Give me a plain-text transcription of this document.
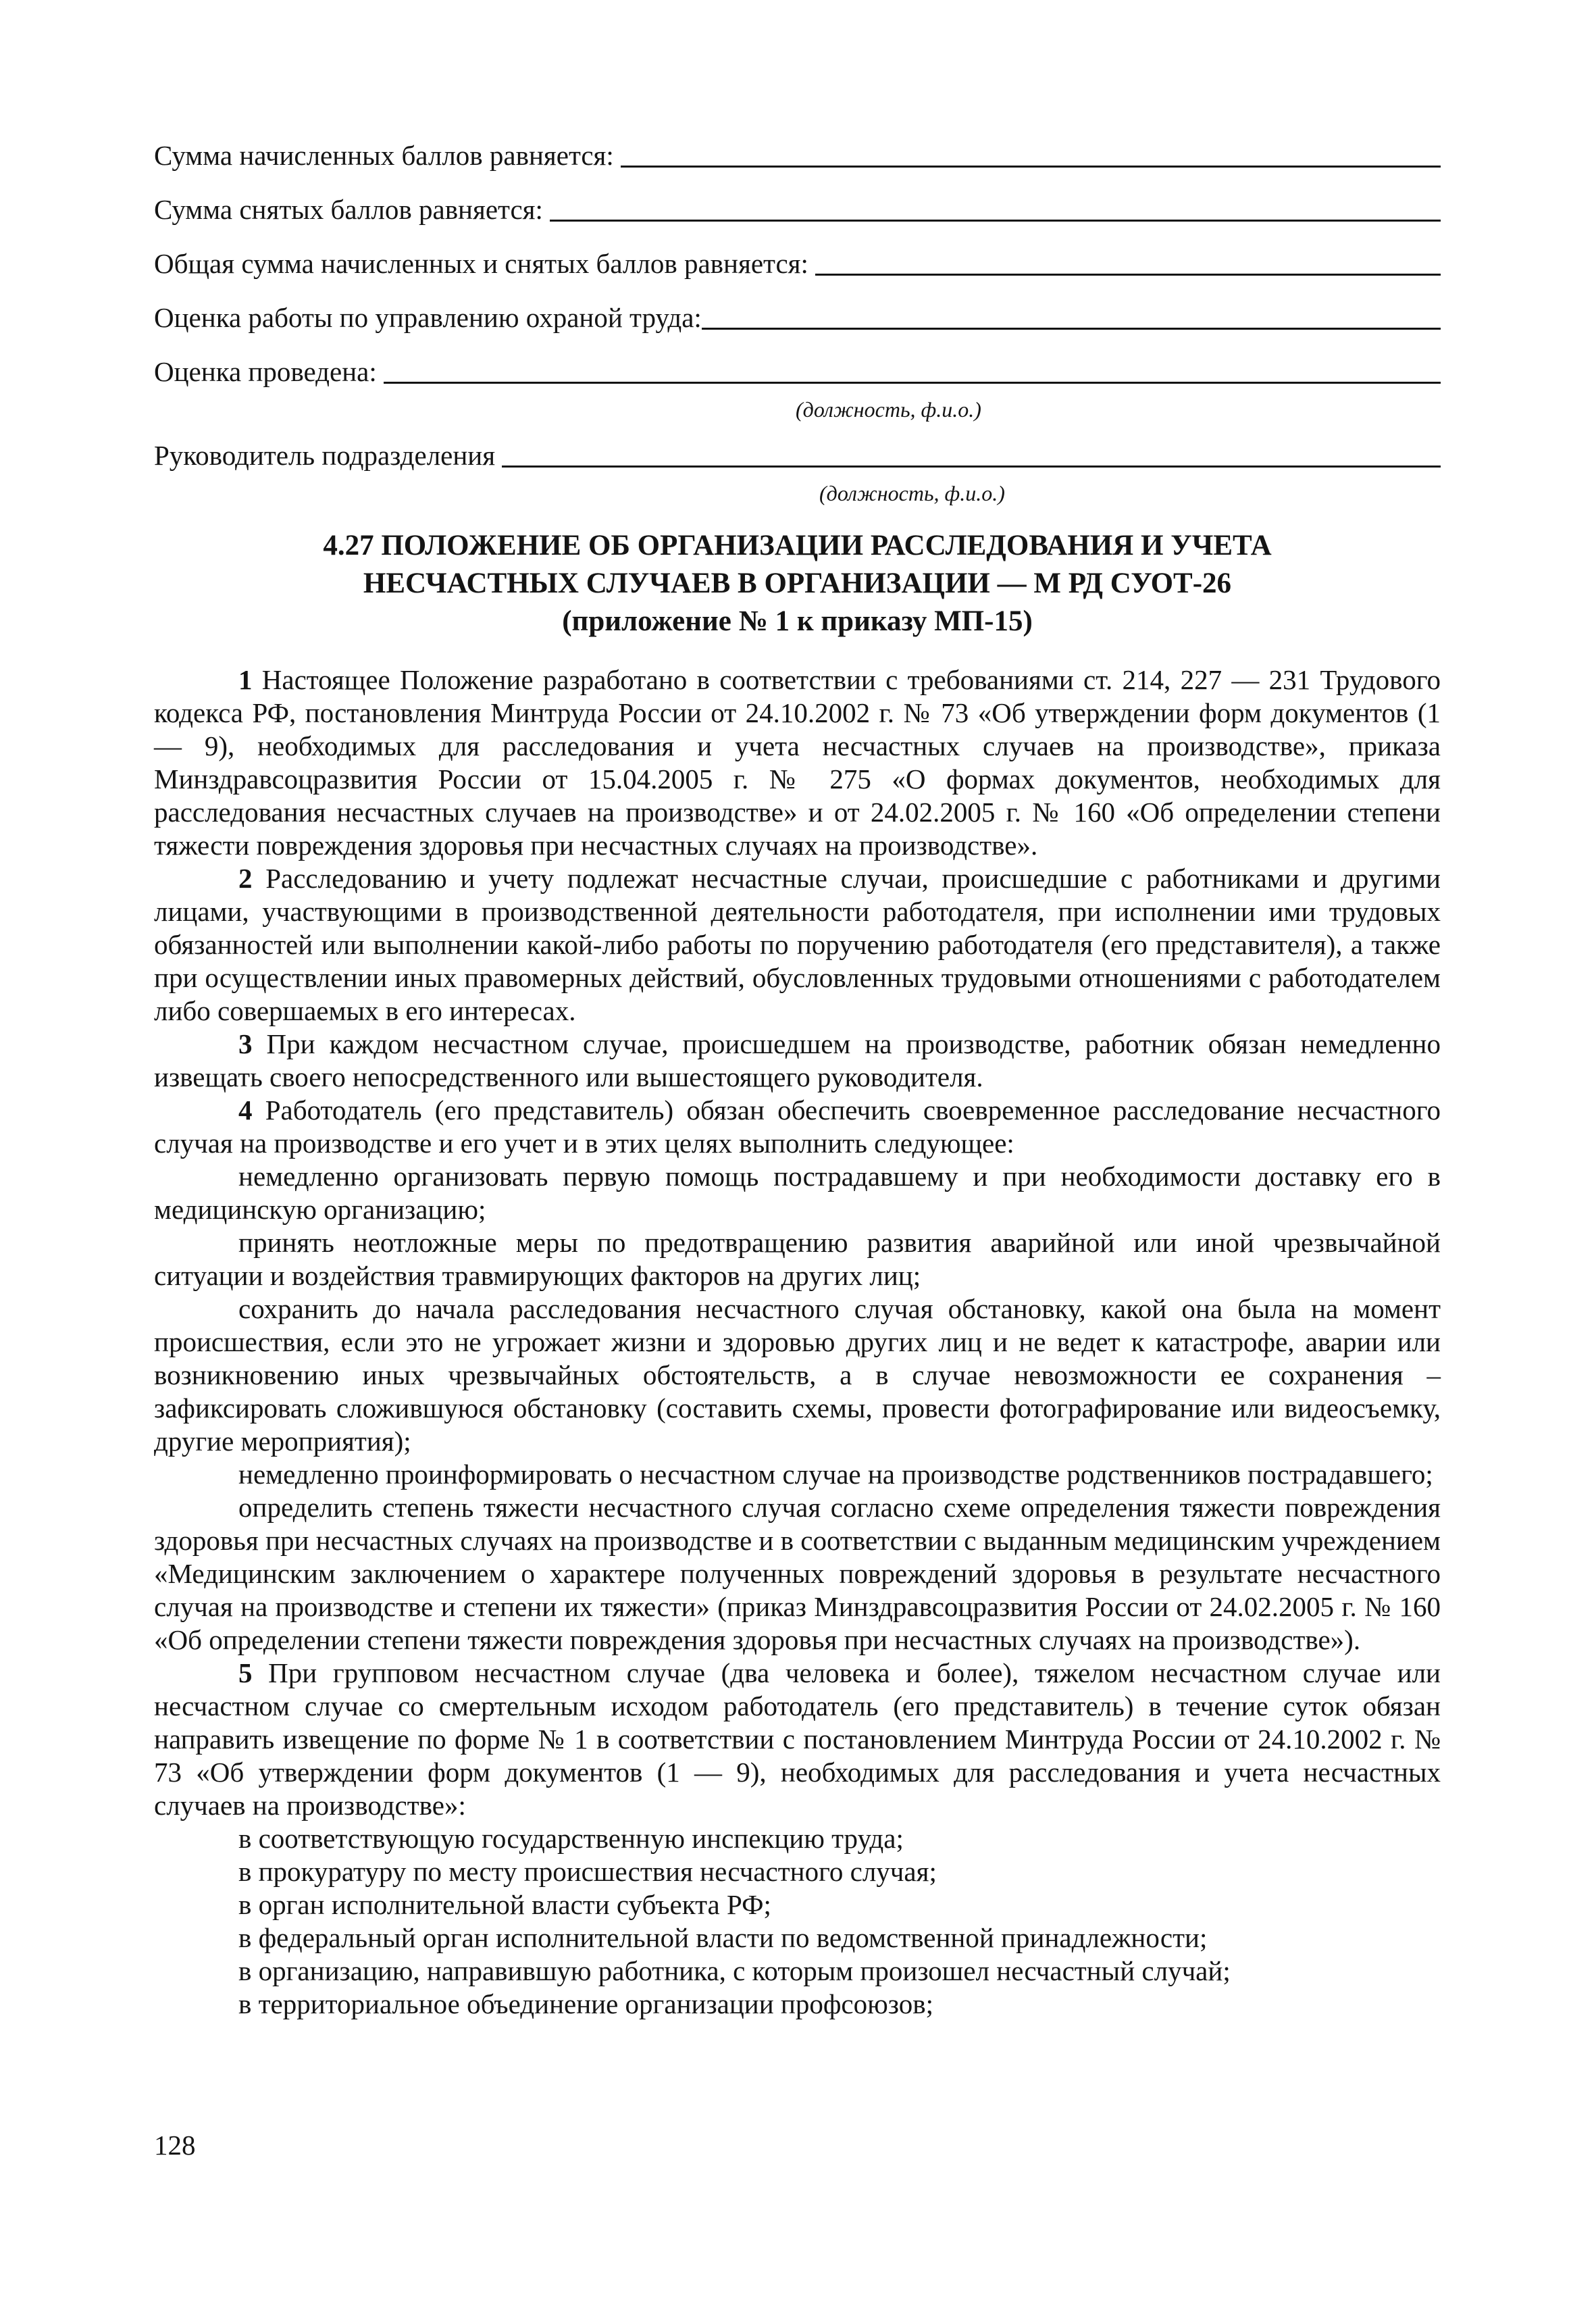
Сумма начисленных баллов равняется:
Сумма снятых баллов равняется:
Общая сумма начисленных и снятых баллов равняется:
Оценка работы по управлению охраной труда:
Оценка проведена:
(должность, ф.и.о.)
Руководитель подразделения
(должность, ф.и.о.)
4.27 ПОЛОЖЕНИЕ ОБ ОРГАНИЗАЦИИ РАССЛЕДОВАНИЯ И УЧЕТА
НЕСЧАСТНЫХ СЛУЧАЕВ В ОРГАНИЗАЦИИ — М РД СУОТ-26
(приложение № 1 к приказу МП-15)

1 Настоящее Положение разработано в соответствии с требованиями ст. 214, 227 — 231 Трудового кодекса РФ, постановления Минтруда России от 24.10.2002 г. № 73 «Об утверждении форм документов (1 — 9), необходимых для расследования и учета несчастных случаев на производстве», приказа Минздравсоцразвития России от 15.04.2005 г. № 275 «О формах документов, необходимых для расследования несчастных случаев на производстве» и от 24.02.2005 г. № 160 «Об определении степени тяжести повреждения здоровья при несчастных случаях на производстве».

2 Расследованию и учету подлежат несчастные случаи, происшедшие с работниками и другими лицами, участвующими в производственной деятельности работодателя, при исполнении ими трудовых обязанностей или выполнении какой-либо работы по поручению работодателя (его представителя), а также при осуществлении иных правомерных действий, обусловленных трудовыми отношениями с работодателем либо совершаемых в его интересах.

3 При каждом несчастном случае, происшедшем на производстве, работник обязан немедленно извещать своего непосредственного или вышестоящего руководителя.

4 Работодатель (его представитель) обязан обеспечить своевременное расследование несчастного случая на производстве и его учет и в этих целях выполнить следующее:

немедленно организовать первую помощь пострадавшему и при необходимости доставку его в медицинскую организацию;
принять неотложные меры по предотвращению развития аварийной или иной чрезвычайной ситуации и воздействия травмирующих факторов на других лиц;
сохранить до начала расследования несчастного случая обстановку, какой она была на момент происшествия, если это не угрожает жизни и здоровью других лиц и не ведет к катастрофе, аварии или возникновению иных чрезвычайных обстоятельств, а в случае невозможности ее сохранения – зафиксировать сложившуюся обстановку (составить схемы, провести фотографирование или видеосъемку, другие мероприятия);
немедленно проинформировать о несчастном случае на производстве родственников пострадавшего;
определить степень тяжести несчастного случая согласно схеме определения тяжести повреждения здоровья при несчастных случаях на производстве и в соответствии с выданным медицинским учреждением «Медицинским заключением о характере полученных повреждений здоровья в результате несчастного случая на производстве и степени их тяжести» (приказ Минздравсоцразвития России от 24.02.2005 г. № 160 «Об определении степени тяжести повреждения здоровья при несчастных случаях на производстве»).

5 При групповом несчастном случае (два человека и более), тяжелом несчастном случае или несчастном случае со смертельным исходом работодатель (его представитель) в течение суток обязан направить извещение по форме № 1 в соответствии с постановлением Минтруда России от 24.10.2002 г. № 73 «Об утверждении форм документов (1 — 9), необходимых для расследования и учета несчастных случаев на производстве»:

в соответствующую государственную инспекцию труда;
в прокуратуру по месту происшествия несчастного случая;
в орган исполнительной власти субъекта РФ;
в федеральный орган исполнительной власти по ведомственной принадлежности;
в организацию, направившую работника, с которым произошел несчастный случай;
в территориальное объединение организации профсоюзов;
128
